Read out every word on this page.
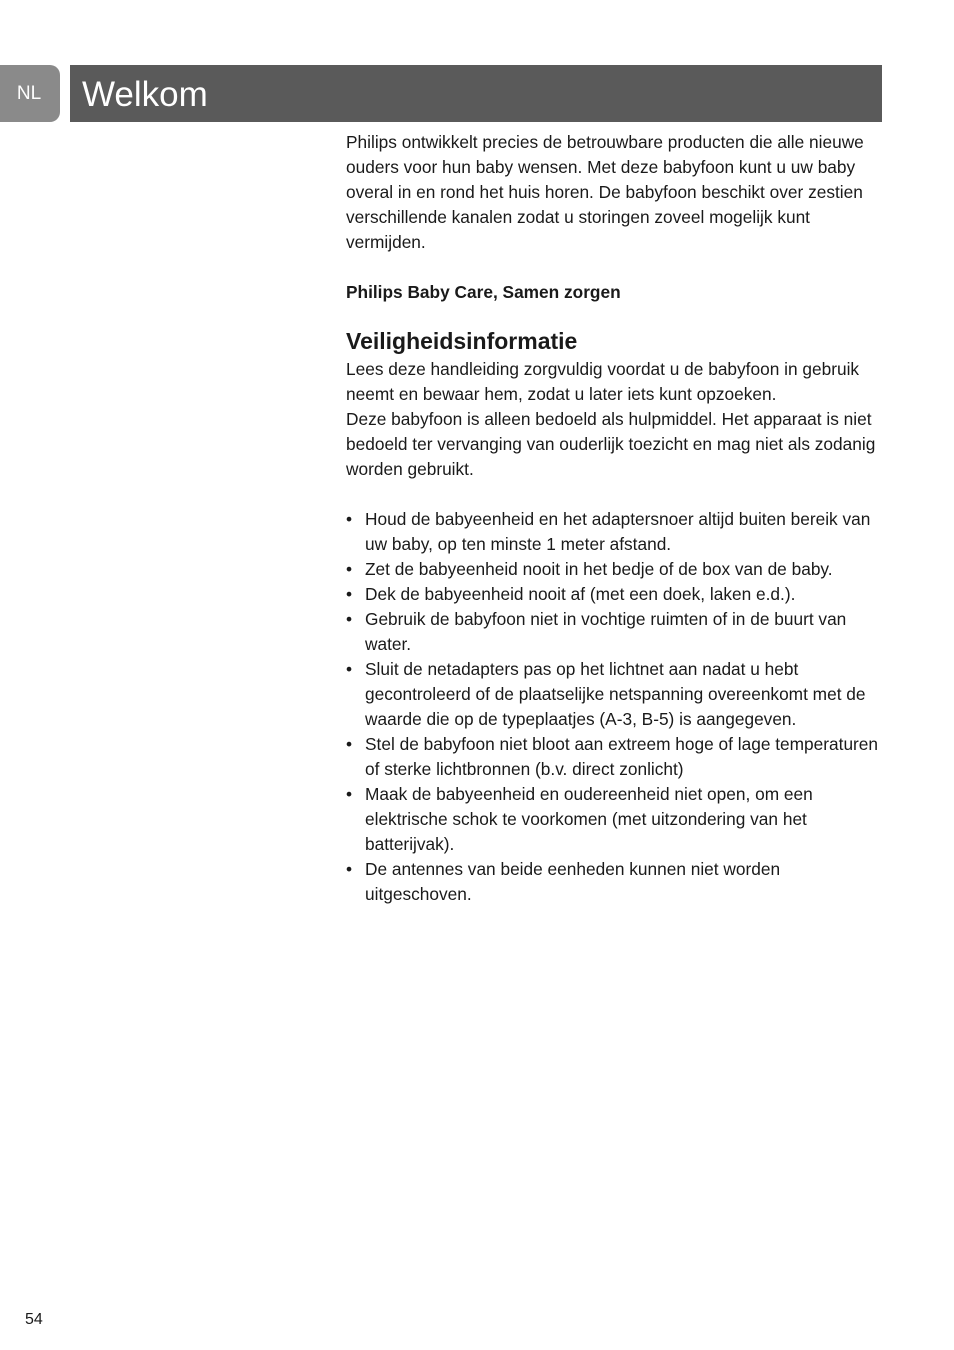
NL	Welkom

Philips ontwikkelt precies de betrouwbare producten die alle nieuwe ouders voor hun baby wensen. Met deze babyfoon kunt u uw baby overal in en rond het huis horen. De babyfoon beschikt over zestien verschillende kanalen zodat u storingen zoveel mogelijk kunt vermijden.

Philips Baby Care, Samen zorgen

Veiligheidsinformatie

Lees deze handleiding zorgvuldig voordat u de babyfoon in gebruik neemt en bewaar hem, zodat u later iets kunt opzoeken.

Deze babyfoon is alleen bedoeld als hulpmiddel. Het apparaat is niet bedoeld ter vervanging van ouderlijk toezicht en mag niet als zodanig worden gebruikt.

• Houd de babyeenheid en het adaptersnoer altijd buiten bereik van uw baby, op ten minste 1 meter afstand.
• Zet de babyeenheid nooit in het bedje of de box van de baby.
• Dek de babyeenheid nooit af (met een doek, laken e.d.).
• Gebruik de babyfoon niet in vochtige ruimten of in de buurt van water.
• Sluit de netadapters pas op het lichtnet aan nadat u hebt gecontroleerd of de plaatselijke netspanning overeenkomt met de waarde die op de typeplaatjes (A-3, B-5) is aangegeven.
• Stel de babyfoon niet bloot aan extreem hoge of lage temperaturen of sterke lichtbronnen (b.v. direct zonlicht)
• Maak de babyeenheid en oudereenheid niet open, om een elektrische schok te voorkomen (met uitzondering van het batterijvak).
• De antennes van beide eenheden kunnen niet worden uitgeschoven.
54
